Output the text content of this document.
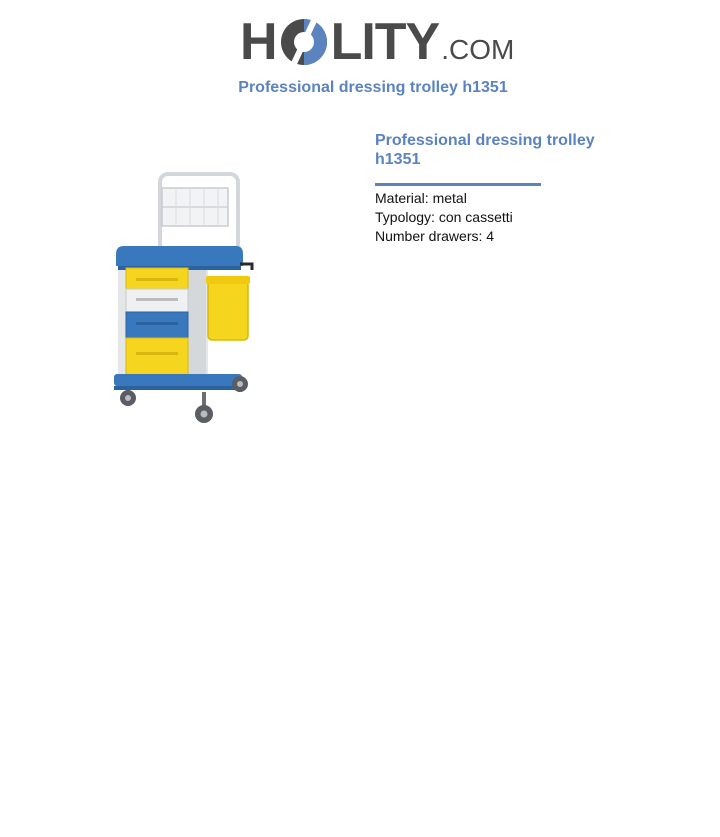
H LITY .COM
Professional dressing trolley h1351
Professional dressing trolley h1351
Material: metal
Typology: con cassetti
Number drawers: 4
